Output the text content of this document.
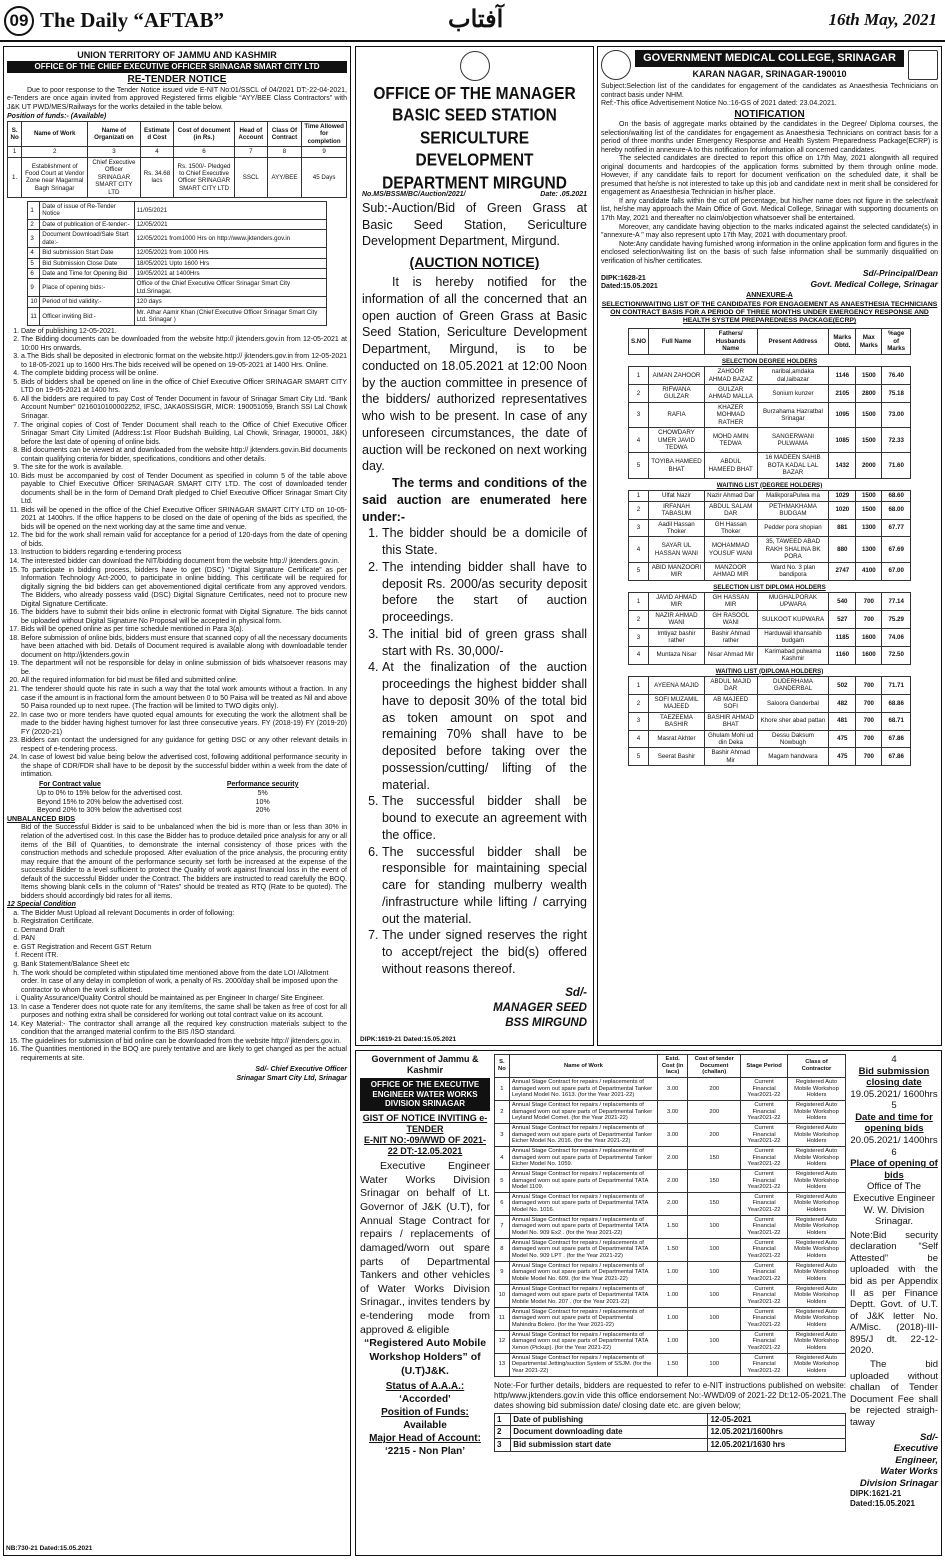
09 The Daily “AFTAB”	آفتاب	16th May, 2021
UNION TERRITORY OF JAMMU AND KASHMIR
OFFICE OF THE CHIEF EXECUTIVE OFFICER SRINAGAR SMART CITY LTD
RE-TENDER NOTICE
Due to poor response to the Tender Notice issued vide E-NIT No:01/SSCL of 04/2021 DT:-22-04-2021, e-Tenders are once again invited from approved Registered firms eligible “AYY/BEE Class Contractors” with J&K UT PWD/MES/Railways for the works detailed in the table below.
Position of funds:- (Available)
S. No	Name of Work	Name of Organizati on	Estimate d Cost	Cost of document (in Rs.)	Head of Account	Class Of Contract	Time Allowed for completion
1	2	3	4	6	7	8	9
1.	Establishment of Food Court at Vendor Zone near Magarmal Bagh Srinagar	Chief Executive Officer SRINAGAR SMART CITY LTD	Rs. 34.68 lacs	Rs. 1500/- Pledged to Chief Executive Officer SRINAGAR SMART CITY LTD	SSCL	AYY/BEE	45 Days
1	Date of issue of Re-Tender Notice	11/05/2021
2	Date of publication of E-tender:-	12/05/2021
3	Document Download/Sale Start date:-	12/05/2021 from1000 Hrs on http://www.jktenders.gov.in
4	Bid submission Start Date	12/05/2021 from 1000 Hrs
5	Bid Submission Close Date	18/05/2021 Upto 1600 Hrs
6	Date and Time for Opening Bid	19/05/2021 at 1400Hrs
9	Place of opening bids:-	Office of the Chief Executive Officer Srinagar Smart City Ltd.Srinagar.
10	Period of bid validity:-	120 days
11	Officer inviting Bid:-	Mr. Athar Aamir Khan (Chief Executive Officer Srinagar Smart City Ltd. Srinagar )
1. Date of publishing 12-05-2021.
2. The Bidding documents can be downloaded from the website http:// jktenders.gov.in from 12-05-2021 at 10:00 Hrs onwards.
3. a.The Bids shall be deposited in electronic format on the website.http:// jktenders.gov.in from 12-05-2021 to 18-05-2021 up to 1600 Hrs.The bids received will be opened on 19-05-2021 at 1400 Hrs. Online.
4. The complete bidding process will be online.
5. Bids of bidders shall be opened on line in the office of Chief Executive Officer SRINAGAR SMART CITY LTD on 19-05-2021 at 1400 hrs.
6. All the bidders are required to pay Cost of Tender Document in favour of Srinagar Smart City Ltd. “Bank Account Number” 0216010100002252, IFSC, JAKA0SSISGR, MICR: 190051059, Branch SSI Lal Chowk Srinagar.
7. The original copies of Cost of Tender Document shall reach to the Office of Chief Executive Officer Srinagar Smart City Limited (Address:1st Floor Budshah Building, Lal Chowk, Srinagar, 190001, J&K) before the last date of opening of online bids.
8. Bid documents can be viewed at and downloaded from the website http:// jktenders.gov.in.Bid documents contain qualifying criteria for bidder, specifications, conditions and other details.
9. The site for the work is available.
10. Bids must be accompanied by cost of Tender Document as specified in column 5 of the table above payable to Chief Executive Officer SRINAGAR SMART CITY LTD. The cost of downloaded tender documents shall be in the form of Demand Draft pledged to Chief Executive Officer Srinagar Smart City Ltd.
11. Bids will be opened in the office of the Chief Executive Officer SRINAGAR SMART CITY LTD on 10-05-2021 at 1400hrs. If the office happens to be closed on the date of opening of the bids as specified, the bids will be opened on the next working day at the same time and venue.
12. The bid for the work shall remain valid for acceptance for a period of 120-days from the date of opening of bids.
13. Instruction to bidders regarding e-tendering process
14. The interested bidder can download the NIT/bidding document from the website http:// jktenders.gov.in.
15. To participate in bidding process, bidders have to get (DSC) “Digital Signature Certificate” as per Information Technology Act-2000, to participate in online bidding. This certificate will be required for digitally signing the bid bidders can get abovementioned digital certificate from any approved vendors. The Bidders, who already possess valid (DSC) Digital Signature Certificates, need not to procure new Digital Signature Certificate.
16. The bidders have to submit their bids online in electronic format with Digital Signature. The bids cannot be uploaded without Digital Signature No Proposal will be accepted in physical form.
17. Bids will be opened online as per time schedule mentioned in Para 3(a).
18. Before submission of online bids, bidders must ensure that scanned copy of all the necessary documents have been attached with bid. Details of Document required is available along with downloadable tender document on http://jktenders.gov.in
19. The department will not be responsible for delay in online submission of bids whatsoever reasons may be.
20. All the required information for bid must be filled and submitted online.
21. The tenderer should quote his rate in such a way that the total work amounts without a fraction. In any case if the amount is in fractional form the amount between 0 to 50 Paisa will be treated as Nil and above 50 Paisa rounded up to next rupee. (The fraction will be limited to TWO digits only).
22. In case two or more tenders have quoted equal amounts for executing the work the allotment shall be made to the bidder having highest turnover for last three consecutive years. FY (2018-19) FY (2019-20) FY (2020-21)
23. Bidders can contact the undersigned for any guidance for getting DSC or any other relevant details in respect of e-tendering process.
24. In case of lowest bid value being below the advertised cost, following additional performance security in the shape of CDR/FDR shall have to be deposit by the successful bidder within a week from the date of intimation.
For Contract value	Performance security
Up to 0% to 15% below for the advertised cost.	5%
Beyond 15% to 20% below the advertised cost.	10%
Beyond 20% to 30% below the advertised cost	20%
UNBALANCED BIDS
Bid of the Successful Bidder is said to be unbalanced when the bid is more than or less than 30% in relation of the advertised cost. In this case the Bidder has to produce detailed price analysis for any or all items of the Bill of Quantities, to demonstrate the internal consistency of those prices with the construction methods and schedule proposed. After evaluation of the price analysis, the procuring entity may require that the amount of the performance security set forth be increased at the expense of the successful Bidder to a level sufficient to protect the Quality of work against financial loss in the event of default of the successful Bidder under the Contract. The bidders are instructed to read carefully the BOQ. Items showing blank cells in the column of “Rates” should be treated as RTQ (Rate to be quoted). The bidders should accordingly bid rates for all items.
12 Special Condition
a. The Bidder Must Upload all relevant Documents in order of following:
b. Registration Certificate.
c. Demand Draft
d. PAN
e. GST Registration and Recent GST Return
f. Recent ITR.
g. Bank Statement/Balance Sheet etc
h. The work should be completed within stipulated time mentioned above from the date LOI /Allotment order. In case of any delay in completion of work, a penalty of Rs. 2000/day shall be imposed upon the contractor to whom the work is allotted.
i. Quality Assurance/Quality Control should be maintained as per Engineer In charge/ Site Engineer.
13. In case a Tenderer does not quote rate for any item/items, the same shall be taken as free of cost for all purposes and nothing extra shall be considered for working out total contract value on its account.
14. Key Material:- The contractor shall arrange all the required key construction materials subject to the condition that the arranged material confirm to the BIS /ISO standard.
15. The guidelines for submission of bid online can be downloaded from the website http:// jktenders.gov.in.
16. The Quantities mentioned in the BOQ are purely tentative and are likely to get changed as per the actual requirements at site.
Sd/- Chief Executive Officer
Srinagar Smart City Ltd, Srinagar
NB:730-21 Dated:15.05.2021
OFFICE OF THE MANAGER
BASIC SEED STATION
SERICULTURE DEVELOPMENT
DEPARTMENT MIRGUND
No.MS/BSSM/BC/Auction/2021/	Date: .05.2021
Sub:-Auction/Bid of Green Grass at Basic Seed Station, Sericulture Development Department, Mirgund.
(AUCTION NOTICE)
It is hereby notified for the information of all the concerned that an open auction of Green Grass at Basic Seed Station, Sericulture Development Department, Mirgund, is to be conducted on 18.05.2021 at 12:00 Noon by the auction committee in presence of the bidders/ authorized representatives who wish to be present. In case of any unforeseen circumstances, the date of auction will be reckoned on next working day.
The terms and conditions of the said auction are enumerated here under:-
1. The bidder should be a domicile of this State.
2. The intending bidder shall have to deposit Rs. 2000/as security deposit before the start of auction proceedings.
3. The initial bid of green grass shall start with Rs. 30,000/-
4. At the finalization of the auction proceedings the highest bidder shall have to deposit 30% of the total bid as token amount on spot and remaining 70% shall have to be deposited before taking over the possession/cutting/ lifting of the material.
5. The successful bidder shall be bound to execute an agreement with the office.
6. The successful bidder shall be responsible for maintaining special care for standing mulberry wealth /infrastructure while lifting / carrying out the material.
7. The under signed reserves the right to accept/reject the bid(s) offered without reasons thereof.
Sd/-
MANAGER SEED
BSS MIRGUND
DIPK:1619-21 Dated:15.05.2021
GOVERNMENT MEDICAL COLLEGE, SRINAGAR
KARAN NAGAR, SRINAGAR-190010
Subject:Selection list of the candidates for engagement of the candidates as Anaesthesia Technicians on contract basis under NHM.
Ref:-This office Advertisement Notice No.:16-GS of 2021 dated: 23.04.2021.
NOTIFICATION
On the basis of aggregate marks obtained by the candidates in the Degree/ Diploma courses, the selection/waiting list of the candidates for engagement as Anaesthesia Technicians on contract basis for a period of three months under Emergency Response and Health System Preparedness Package(ECRP) is hereby notified in annexure-A to this notification for information all concerned candidates.
The selected candidates are directed to report this office on 17th May, 2021 alongwith all required original documents and hardcopies of the application forms submitted by them through online mode. However, if any candidate fails to report for document verification on the scheduled date, it shall be presumed that he/she is not interested to take up this job and candidate next in merit shall be considered for engagement as Anaesthesia Technician in his/her place.
If any candidate falls within the cut off percentage, but his/her name does not figure in the select/wait list, he/she may approach the Main Office of Govt. Medical College, Srinagar with supporting documents on 17th May, 2021 and thereafter no claim/objection whatsoever shall be entertained.
Moreover, any candidate having objection to the marks indicated against the selected candidate(s) in "annexure-A " may also represent upto 17th May, 2021 with documentary proof.
Note:Any candidate having furnished wrong information in the online application form and figures in the enclosed selection/waiting list on the basis of such false information shall be summarily disqualified on verification of his/her certificates.
Sd/-Principal/Dean
Govt. Medical College, Srinagar
DIPK:1628-21
Dated:15.05.2021
ANNEXURE-A
SELECTION/WAITING LIST OF THE CANDIDATES FOR ENGAGEMENT AS ANAESTHESIA TECHNICIANS ON CONTRACT BASIS FOR A PERIOD OF THREE MONTHS UNDER EMERGENCY RESPONSE AND HEALTH SYSTEM PREPAREDNESS PACKAGE(ECRP)
S.NO	Full Name	Fathers/ Husbands Name	Present Address	Marks Obtd.	Max Marks	%age of Marks
SELECTION DEGREE HOLDERS						
1	AIMAN ZAHOOR	ZAHOOR AHMAD BAZAZ	naribal,amdaka dal,laibazar	1146	1500	76.40
2	RIFWANA GULZAR	GULZAR AHMAD MALLA	Sonium kunzer	2105	2800	75.18
3	RAFIA	KHAZER MOHMAD RATHER	Burzahama Hazratbal Srinagar	1095	1500	73.00
4	CHOWDARY UMER JAVID TEDWA	MOHD AMIN TEDWA	SANGERWANI PULWAMA	1085	1500	72.33
5	TOYIBA HAMEED BHAT	ABDUL HAMEED BHAT	16 MADEEN SAHIB BOTA KADAL LAL BAZAR	1432	2000	71.60
WAITING LIST (DEGREE HOLDERS)						
1	Ulfat Nazir	Nazir Ahmad Dar	MalikporaPulwa ma	1029	1500	68.60
2	IRFANAH TABASUM	ABDUL SALAM DAR	PETHMAKHAMA BUDGAM	1020	1500	68.00
3	Aadil Hassan Thoker	GH Hassan Thoker	Pedder pora shopian	881	1300	67.77
4	SAYAR UL HASSAN WANI	MOHAMMAD YOUSUF WANI	35, TAWEED ABAD RAKH SHALINA BK PORA	880	1300	67.69
5	ABID MANZOORI MIR	MANZOOR AHMAD MIR	Ward No. 3 plan bandipora	2747	4100	67.00
SELECTION LIST DIPLOMA HOLDERS						
1	JAVID AHMAD MIR	GH HASSAN MIR	MUGHALPORAK UPWARA	540	700	77.14
2	NAZIR AHMAD WANI	GH RASOOL WANI	SULKOOT KUPWARA	527	700	75.29
3	Imtiyaz bashir rather	Bashir Ahmad rather	Harduwail khansahib budgam	1185	1600	74.06
4	Muntaza Nisar	Nisar Ahmad Mir	Karimabad pulwama Kashmir	1160	1600	72.50
WAITING LIST (DIPLOMA HOLDERS)						
1	AYEENA MAJID	ABDUL MAJID DAR	DUDERHAMA GANDERBAL	502	700	71.71
2	SOFI MUZAMIL MAJEED	AB MAJEED SOFI	Saloora Ganderbal	482	700	68.86
3	TAEZEEMA BASHIR	BASHIR AHMAD BHAT	Khore sher abad pattan	481	700	68.71
4	Masrat Akhter	Ghulam Mohi ud din Deka	Dessu Daksum Nowbugh	475	700	67.86
5	Seerat Bashir	Bashir Ahmad Mir	Magam handwara	475	700	67.86
Government of Jammu & Kashmir
OFFICE OF THE EXECUTIVE ENGINEER WATER WORKS DIVISION SRINAGAR
GIST OF NOTICE INVITING e-TENDER
E-NIT NO:-09/WWD OF 2021-22 DT:-12.05.2021
Executive Engineer Water Works Division Srinagar on behalf of Lt. Governor of J&K (U.T), for Annual Stage Contract for repairs / replacements of damaged/worn out spare parts of Departmental Tankers and other vehicles of Water Works Division Srinagar., invites tenders by e-tendering mode from approved & eligible
“Registered Auto Mobile Workshop Holders” of (U.T)J&K.
Status of A.A.A.:
‘Accorded’
Position of Funds:
Available
Major Head of Account:
‘2215 - Non Plan’
S. No	Name of Work	Estd. Cost (in lacs)	Cost of tender Document (challan)	Stage Period	Class of Contractor
1	Annual Stage Contract for repairs / replacements of damaged worn out spare parts of Departmental Tanker Leyland Model No. 1613. (for the Year 2021-22)	3.00	200	Current Financial Year2021-22	Registered Auto Mobile Workshop Holders
2	Annual Stage Contract for repairs / replacements of damaged worn out spare parts of Departmental Tanker Leyland Model Comet. (for the Year 2021-22)	3.00	200	Current Financial Year2021-22	Registered Auto Mobile Workshop Holders
3	Annual Stage Contract for repairs / replacements of damaged worn out spare parts of Departmental Tanker Eicher Model No. 2016. (for the Year 2021-22)	3.00	200	Current Financial Year2021-22	Registered Auto Mobile Workshop Holders
4	Annual Stage Contract for repairs / replacements of damaged worn out spare parts of Departmental Tanker Eicher Model No. 1059.	2.00	150	Current Financial Year2021-22	Registered Auto Mobile Workshop Holders
5	Annual Stage Contract for repairs / replacements of damaged worn out spare parts of Departmental TATA Model 1109.	2.00	150	Current Financial Year2021-22	Registered Auto Mobile Workshop Holders
6	Annual Stage Contract for repairs / replacements of damaged worn out spare parts of Departmental TATA Model No. 1016.	2.00	150	Current Financial Year2021-22	Registered Auto Mobile Workshop Holders
7	Annual Stage Contract for repairs / replacements of damaged worn out spare parts of Departmental TATA Model No. 909 Ex2 . (for the Year 2021-22)	1.50	100	Current Financial Year2021-22	Registered Auto Mobile Workshop Holders
8	Annual Stage Contract for repairs / replacements of damaged worn out spare parts of Departmental TATA Model No. 909 LPT . (for the Year 2021-22)	1.50	100	Current Financial Year2021-22	Registered Auto Mobile Workshop Holders
9	Annual Stage Contract for repairs / replacements of damaged worn out spare parts of Departmental TATA Mobile Model No. 609. (for the Year 2021-22)	1.00	100	Current Financial Year2021-22	Registered Auto Mobile Workshop Holders
10	Annual Stage Contract for repairs / replacements of damaged worn out spare parts of Departmental TATA Mobile Model No. 207 . (for the Year 2021-22)	1.00	100	Current Financial Year2021-22	Registered Auto Mobile Workshop Holders
11	Annual Stage Contract for repairs / replacements of damaged worn out spare parts of Departmental Mahindra Bolero. (for the Year 2021-22)	1.00	100	Current Financial Year2021-22	Registered Auto Mobile Workshop Holders
12	Annual Stage Contract for repairs / replacements of damaged worn out spare parts of Departmental TATA Xenon (Pickup). (for the Year 2021-22)	1.00	100	Current Financial Year2021-22	Registered Auto Mobile Workshop Holders
13	Annual Stage Contract for repairs / replacements of Departmental Jetting/suction System of SSJM. (for the Year 2021-22)	1.50	100	Current Financial Year2021-22	Registered Auto Mobile Workshop Holders
Note:-For further details, bidders are requested to refer to e-NIT instructions published on website: http/www.jktenders.gov.in vide this office endorsement No:-WWD/09 of 2021-22 Dt:12-05-2021.The dates showing bid submission date/ closing date etc. are given below;
1	Date of publishing	12-05-2021
2	Document downloading date	12.05.2021/1600hrs
3	Bid submission start date	12.05.2021/1630 hrs
4
Bid submission closing date
19.05.2021/ 1600hrs
5
Date and time for opening bids
20.05.2021/ 1400hrs
6
Place of opening of bids
Office of The Executive Engineer W. W. Division Srinagar.
Note:Bid security declaration “Self Attested” be uploaded with the bid as per Appendix II as per Finance Deptt. Govt. of U.T. of J&K letter No. A/Misc. (2018)-III-895/J dt. 22-12-2020.
The bid uploaded without challan of Tender Document Fee shall be rejected straigh-taway
Sd/-
Executive Engineer,
Water Works
Division Srinagar
DIPK:1621-21
Dated:15.05.2021
